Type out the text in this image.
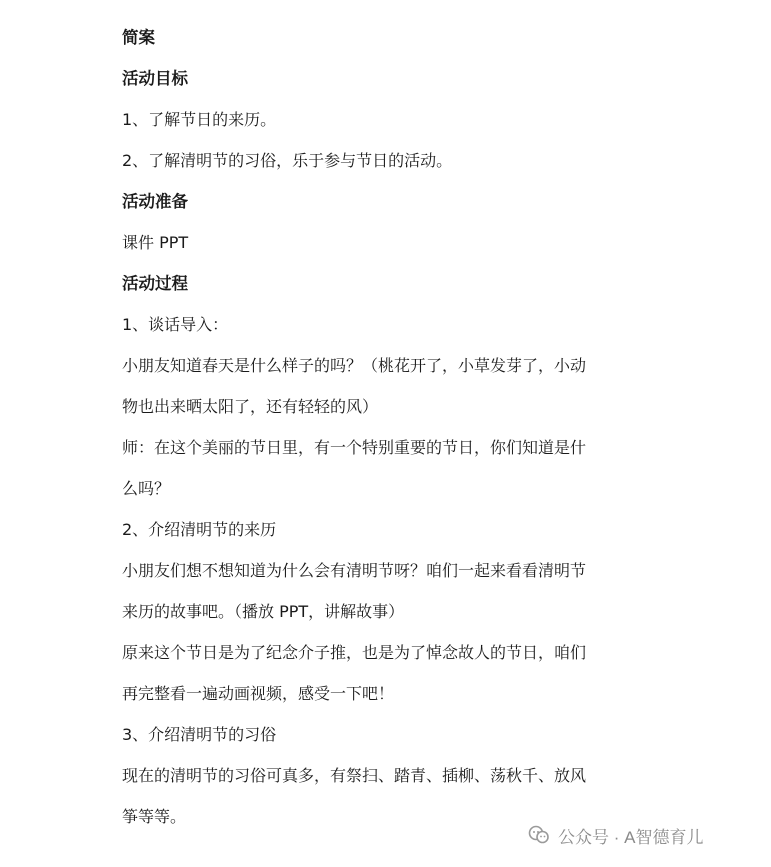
简案

活动目标

1、了解节日的来历。

2、了解清明节的习俗，乐于参与节日的活动。

活动准备

课件 PPT

活动过程

1、谈话导入：

小朋友知道春天是什么样子的吗？（桃花开了，小草发芽了，小动

物也出来晒太阳了，还有轻轻的风）

师：在这个美丽的节日里，有一个特别重要的节日，你们知道是什

么吗？

2、介绍清明节的来历

小朋友们想不想知道为什么会有清明节呀？咱们一起来看看清明节

来历的故事吧。（播放 PPT，讲解故事）

原来这个节日是为了纪念介子推，也是为了悼念故人的节日，咱们

再完整看一遍动画视频，感受一下吧！

3、介绍清明节的习俗

现在的清明节的习俗可真多，有祭扫、踏青、插柳、荡秋千、放风

筝等等。

公众号 · A智德育儿
